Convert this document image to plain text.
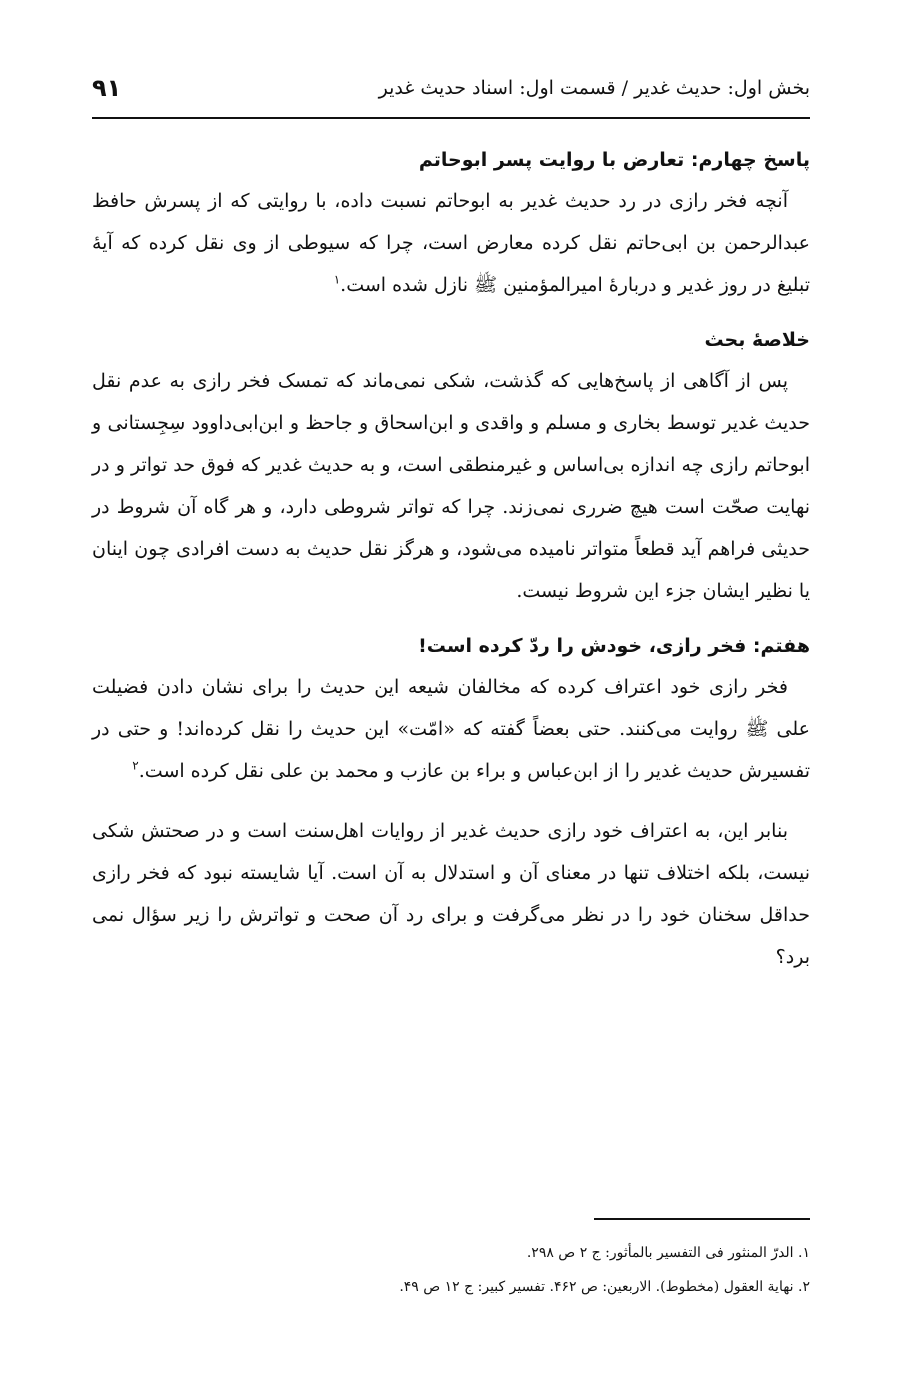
بخش اول: حدیث غدیر / قسمت اول: اسناد حدیث غدیر
۹۱
پاسخ چهارم: تعارض با روایت پسر ابوحاتم

آنچه فخر رازی در رد حدیث غدیر به ابوحاتم نسبت داده، با روایتی که از پسرش حافظ عبدالرحمن بن ابی‌حاتم نقل کرده معارض است، چرا که سیوطی از وی نقل کرده که آیهٔ تبلیغ در روز غدیر و دربارهٔ امیرالمؤمنین ﷺ نازل شده است.$^۱$

خلاصهٔ بحث

پس از آگاهی از پاسخ‌هایی که گذشت، شکی نمی‌ماند که تمسک فخر رازی به عدم نقل حدیث غدیر توسط بخاری و مسلم و واقدی و ابن‌اسحاق و جاحظ و ابن‌ابی‌داوود سِجِستانی و ابوحاتم رازی چه اندازه بی‌اساس و غیرمنطقی است، و به حدیث غدیر که فوق حد تواتر و در نهایت صحّت است هیچ ضرری نمی‌زند. چرا که تواتر شروطی دارد، و هر گاه آن شروط در حدیثی فراهم آید قطعاً متواتر نامیده می‌شود، و هرگز نقل حدیث به دست افرادی چون اینان یا نظیر ایشان جزء این شروط نیست.

هفتم: فخر رازی، خودش را ردّ کرده است!

فخر رازی خود اعتراف کرده که مخالفان شیعه این حدیث را برای نشان دادن فضیلت علی ﷺ روایت می‌کنند. حتی بعضاً گفته که «امّت» این حدیث را نقل کرده‌اند! و حتی در تفسیرش حدیث غدیر را از ابن‌عباس و براء بن عازب و محمد بن علی نقل کرده است.$^۲$

بنابر این، به اعتراف خود رازی حدیث غدیر از روایات اهل‌سنت است و در صحتش شکی نیست، بلکه اختلاف تنها در معنای آن و استدلال به آن است. آیا شایسته نبود که فخر رازی حداقل سخنان خود را در نظر می‌گرفت و برای رد آن صحت و تواترش را زیر سؤال نمی برد؟

۱. الدرّ المنثور فی التفسیر بالمأثور: ج ۲ ص ۲۹۸.
۲. نهایة العقول (مخطوط). الاربعین: ص ۴۶۲. تفسیر کبیر: ج ۱۲ ص ۴۹.
